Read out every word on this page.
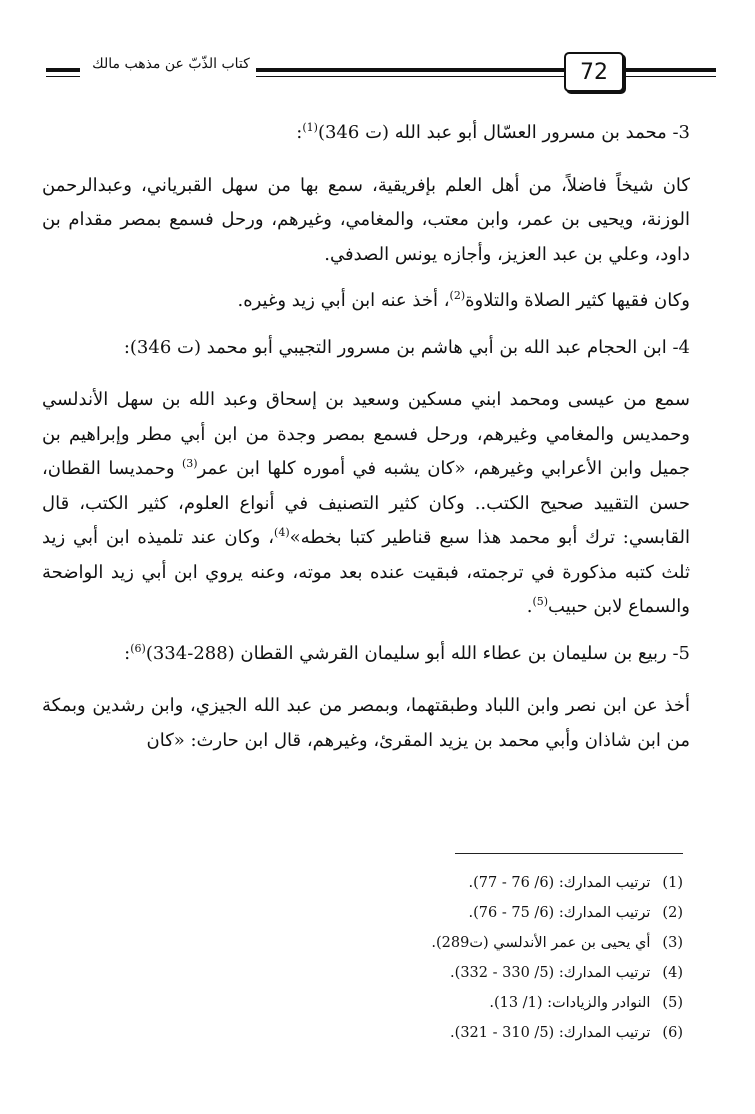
كتاب الذّبّ عن مذهب مالك	72

3- محمد بن مسرور العسّال أبو عبد الله (ت 346)$^{(1)}$:

كان شيخاً فاضلاً، من أهل العلم بإفريقية، سمع بها من سهل القبرياني، وعبدالرحمن الوزنة، ويحيى بن عمر، وابن معتب، والمغامي، وغيرهم، ورحل فسمع بمصر مقدام بن داود، وعلي بن عبد العزيز، وأجازه يونس الصدفي.

وكان فقيها كثير الصلاة والتلاوة$^{(2)}$، أخذ عنه ابن أبي زيد وغيره.

4- ابن الحجام عبد الله بن أبي هاشم بن مسرور التجيبي أبو محمد (ت 346):

سمع من عيسى ومحمد ابني مسكين وسعيد بن إسحاق وعبد الله بن سهل الأندلسي وحمديس والمغامي وغيرهم، ورحل فسمع بمصر وجدة من ابن أبي مطر وإبراهيم بن جميل وابن الأعرابي وغيرهم، «كان يشبه في أموره كلها ابن عمر$^{(3)}$ وحمديسا القطان، حسن التقييد صحيح الكتب.. وكان كثير التصنيف في أنواع العلوم، كثير الكتب، قال القابسي: ترك أبو محمد هذا سبع قناطير كتبا بخطه»$^{(4)}$، وكان عند تلميذه ابن أبي زيد ثلث كتبه مذكورة في ترجمته، فبقيت عنده بعد موته، وعنه يروي ابن أبي زيد الواضحة والسماع لابن حبيب$^{(5)}$.

5- ربيع بن سليمان بن عطاء الله أبو سليمان القرشي القطان $(288-334)^{(6)}$:

أخذ عن ابن نصر وابن اللباد وطبقتهما، وبمصر من عبد الله الجيزي، وابن رشدين وبمكة من ابن شاذان وأبي محمد بن يزيد المقرئ، وغيرهم، قال ابن حارث: «كان

(1)ترتيب المدارك: (6/ 76 - 77).
(2)ترتيب المدارك: (6/ 75 - 76).
(3)أي يحيى بن عمر الأندلسي (ت289).
(4)ترتيب المدارك: (5/ 330 - 332).
(5)النوادر والزيادات: (1/ 13).
(6)ترتيب المدارك: (5/ 310 - 321).
